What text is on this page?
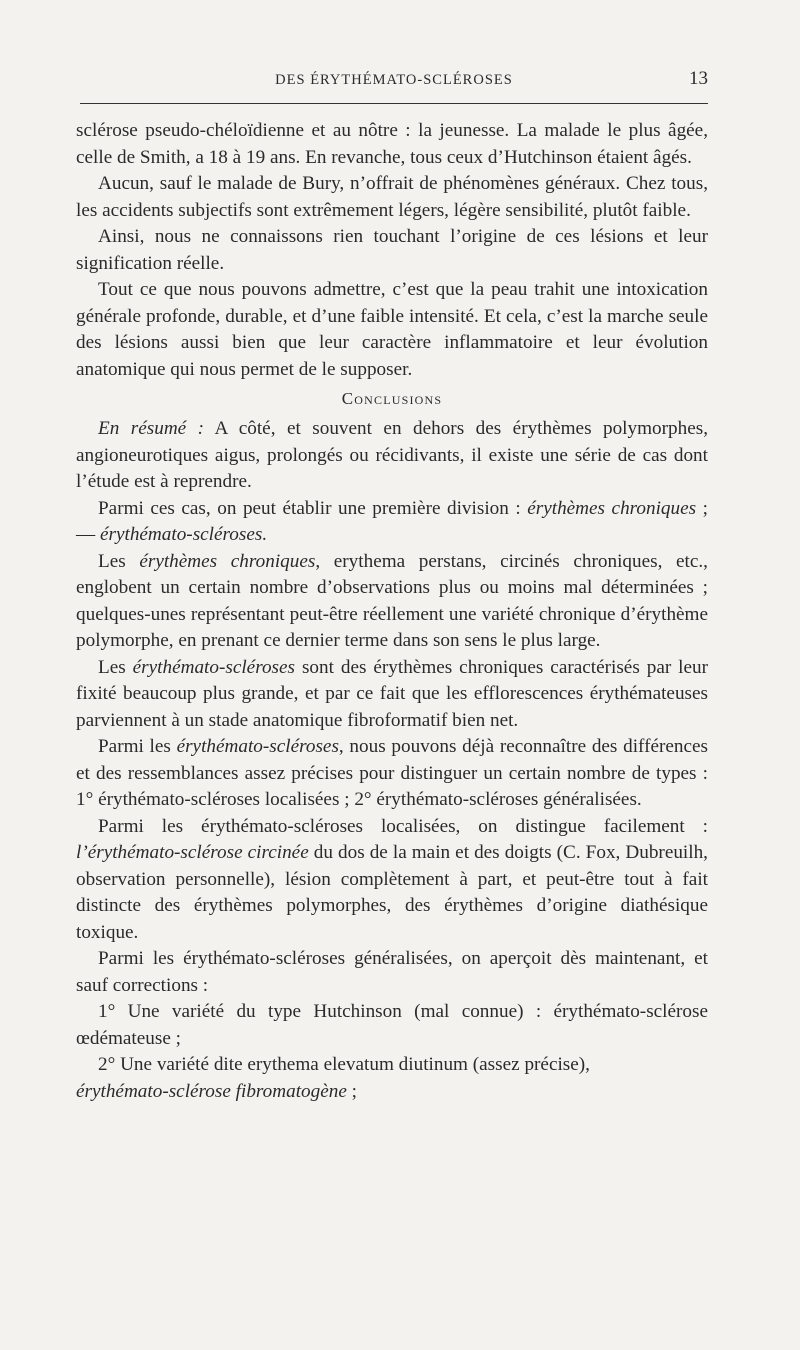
DES ÉRYTHÉMATO-SCLÉROSES	13

sclérose pseudo-chéloïdienne et au nôtre : la jeunesse. La malade le plus âgée, celle de Smith, a 18 à 19 ans. En revanche, tous ceux d’Hutchinson étaient âgés.

Aucun, sauf le malade de Bury, n’offrait de phénomènes généraux. Chez tous, les accidents subjectifs sont extrêmement légers, légère sensibilité, plutôt faible.

Ainsi, nous ne connaissons rien touchant l’origine de ces lésions et leur signification réelle.

Tout ce que nous pouvons admettre, c’est que la peau trahit une intoxication générale profonde, durable, et d’une faible intensité. Et cela, c’est la marche seule des lésions aussi bien que leur caractère inflammatoire et leur évolution anatomique qui nous permet de le supposer.

Conclusions

En résumé : A côté, et souvent en dehors des érythèmes polymorphes, angioneurotiques aigus, prolongés ou récidivants, il existe une série de cas dont l’étude est à reprendre.

Parmi ces cas, on peut établir une première division : érythèmes chroniques ; — érythémato-scléroses.

Les érythèmes chroniques, erythema perstans, circinés chroniques, etc., englobent un certain nombre d’observations plus ou moins mal déterminées ; quelques-unes représentant peut-être réellement une variété chronique d’érythème polymorphe, en prenant ce dernier terme dans son sens le plus large.

Les érythémato-scléroses sont des érythèmes chroniques caractérisés par leur fixité beaucoup plus grande, et par ce fait que les efflorescences érythémateuses parviennent à un stade anatomique fibroformatif bien net.

Parmi les érythémato-scléroses, nous pouvons déjà reconnaître des différences et des ressemblances assez précises pour distinguer un certain nombre de types : 1° érythémato-scléroses localisées ; 2° érythémato-scléroses généralisées.

Parmi les érythémato-scléroses localisées, on distingue facilement : l’érythémato-sclérose circinée du dos de la main et des doigts (C. Fox, Dubreuilh, observation personnelle), lésion complètement à part, et peut-être tout à fait distincte des érythèmes polymorphes, des érythèmes d’origine diathésique toxique.

Parmi les érythémato-scléroses généralisées, on aperçoit dès maintenant, et sauf corrections :

1° Une variété du type Hutchinson (mal connue) : érythémato-sclérose œdémateuse ;

2° Une variété dite erythema elevatum diutinum (assez précise),

érythémato-sclérose fibromatogène ;
